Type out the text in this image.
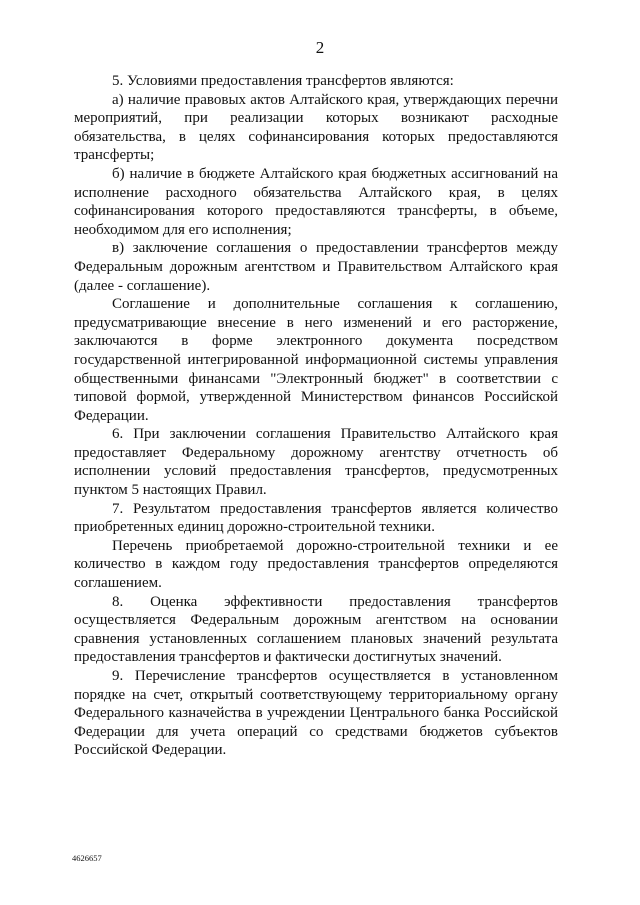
2

5. Условиями предоставления трансфертов являются:

а) наличие правовых актов Алтайского края, утверждающих перечни мероприятий, при реализации которых возникают расходные обязательства, в целях софинансирования которых предоставляются трансферты;

б) наличие в бюджете Алтайского края бюджетных ассигнований на исполнение расходного обязательства Алтайского края, в целях софинансирования которого предоставляются трансферты, в объеме, необходимом для его исполнения;

в) заключение соглашения о предоставлении трансфертов между Федеральным дорожным агентством и Правительством Алтайского края (далее - соглашение).

Соглашение и дополнительные соглашения к соглашению, предусматривающие внесение в него изменений и его расторжение, заключаются в форме электронного документа посредством государственной интегрированной информационной системы управления общественными финансами "Электронный бюджет" в соответствии с типовой формой, утвержденной Министерством финансов Российской Федерации.

6. При заключении соглашения Правительство Алтайского края предоставляет Федеральному дорожному агентству отчетность об исполнении условий предоставления трансфертов, предусмотренных пунктом 5 настоящих Правил.

7. Результатом предоставления трансфертов является количество приобретенных единиц дорожно-строительной техники.

Перечень приобретаемой дорожно-строительной техники и ее количество в каждом году предоставления трансфертов определяются соглашением.

8. Оценка эффективности предоставления трансфертов осуществляется Федеральным дорожным агентством на основании сравнения установленных соглашением плановых значений результата предоставления трансфертов и фактически достигнутых значений.

9. Перечисление трансфертов осуществляется в установленном порядке на счет, открытый соответствующему территориальному органу Федерального казначейства в учреждении Центрального банка Российской Федерации для учета операций со средствами бюджетов субъектов Российской Федерации.

4626657
